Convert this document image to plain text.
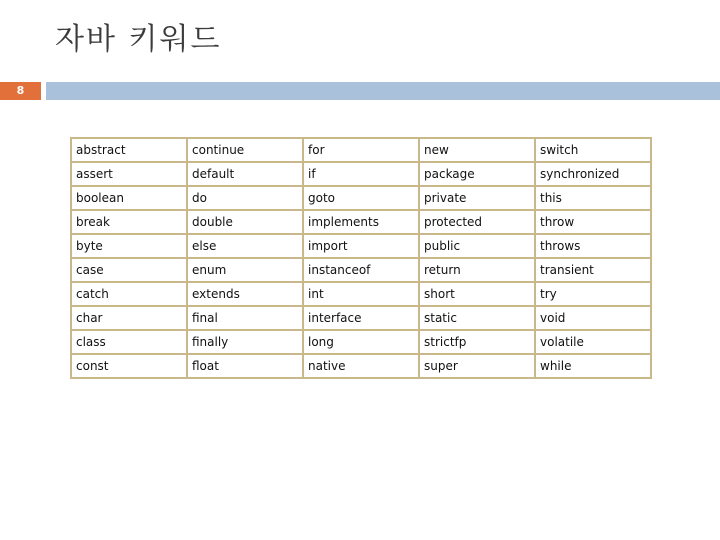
자바 키워드
8
abstract	continue	for	new	switch
assert	default	if	package	synchronized
boolean	do	goto	private	this
break	double	implements	protected	throw
byte	else	import	public	throws
case	enum	instanceof	return	transient
catch	extends	int	short	try
char	final	interface	static	void
class	finally	long	strictfp	volatile
const	float	native	super	while
